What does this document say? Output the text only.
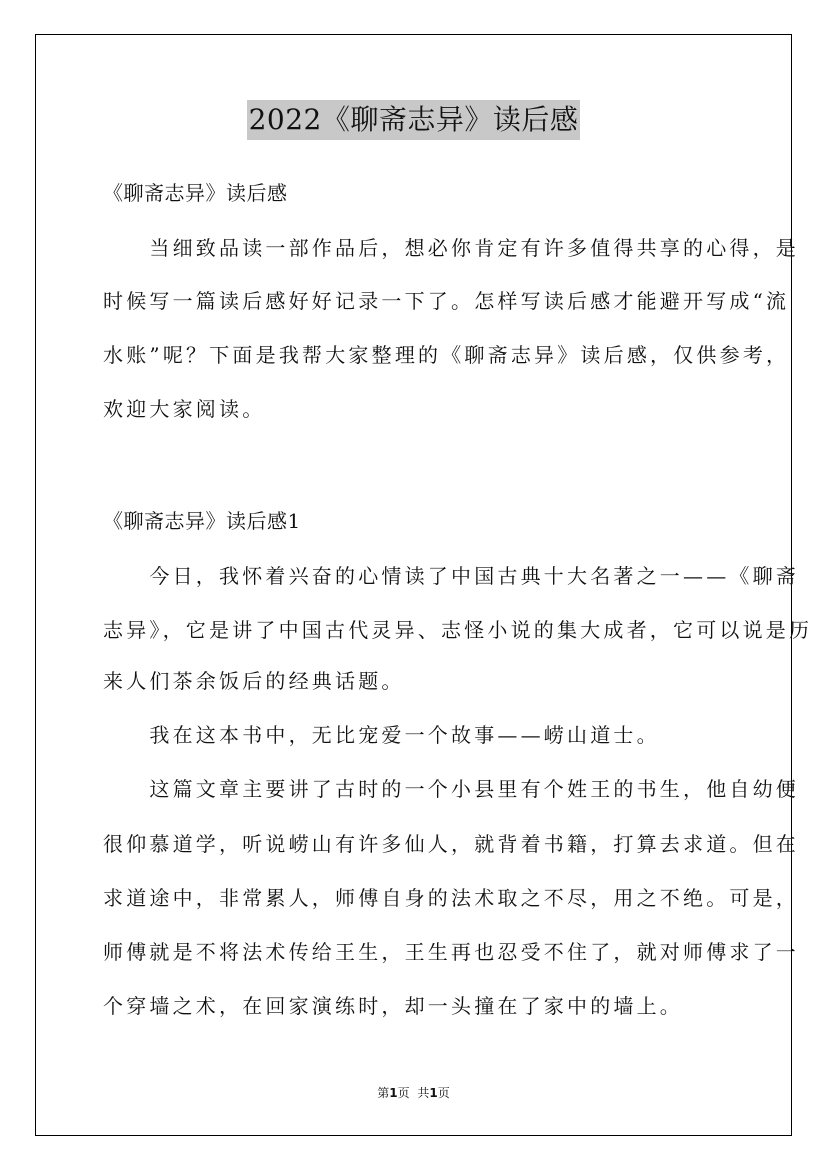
2022《聊斋志异》读后感
《聊斋志异》读后感
　　当细致品读一部作品后，想必你肯定有许多值得共享的心得，是
时候写一篇读后感好好记录一下了。怎样写读后感才能避开写成“流
水账”呢？下面是我帮大家整理的《聊斋志异》读后感，仅供参考，
欢迎大家阅读。
《聊斋志异》读后感1
　　今日，我怀着兴奋的心情读了中国古典十大名著之一——《聊斋
志异》，它是讲了中国古代灵异、志怪小说的集大成者，它可以说是历
来人们茶余饭后的经典话题。
　　我在这本书中，无比宠爱一个故事——崂山道士。
　　这篇文章主要讲了古时的一个小县里有个姓王的书生，他自幼便
很仰慕道学，听说崂山有许多仙人，就背着书籍，打算去求道。但在
求道途中，非常累人，师傅自身的法术取之不尽，用之不绝。可是，
师傅就是不将法术传给王生，王生再也忍受不住了，就对师傅求了一
个穿墙之术，在回家演练时，却一头撞在了家中的墙上。
第1页 共1页
